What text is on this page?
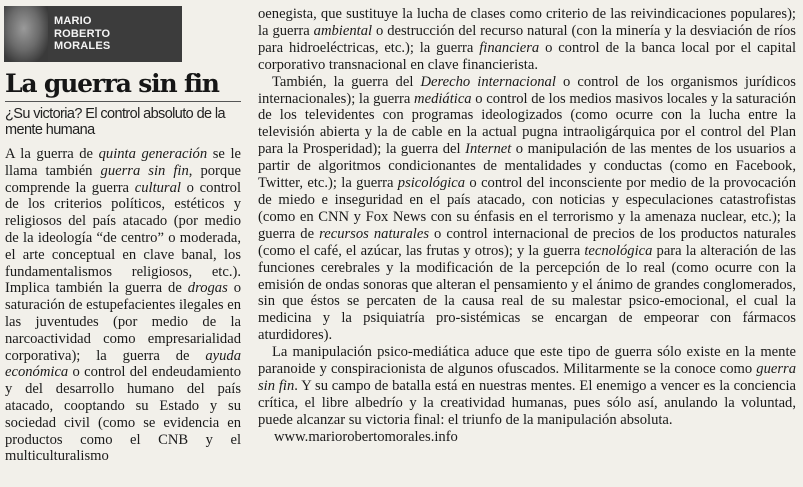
MARIO
ROBERTO
MORALES
La guerra sin fin
¿Su victoria? El control absoluto de la mente humana

A la guerra de quinta generación se le llama también guerra sin fin, porque comprende la guerra cultural o control de los criterios políticos, estéticos y religiosos del país atacado (por medio de la ideología “de centro” o moderada, el arte conceptual en clave banal, los fundamentalismos religiosos, etc.). Implica también la guerra de drogas o saturación de estupefacientes ilegales en las juventudes (por medio de la narcoactividad como empresarialidad corporativa); la guerra de ayuda económica o control del endeudamiento y del desarrollo humano del país atacado, cooptando su Estado y su sociedad civil (como se evidencia en productos como el CNB y el multiculturalismo

oenegista, que sustituye la lucha de clases como criterio de las reivindicaciones populares); la guerra ambiental o destrucción del recurso natural (con la minería y la desviación de ríos para hidroeléctricas, etc.); la guerra financiera o control de la banca local por el capital corporativo transnacional en clave financierista.

También, la guerra del Derecho internacional o control de los organismos jurídicos internacionales); la guerra mediática o control de los medios masivos locales y la saturación de los televidentes con programas ideologizados (como ocurre con la lucha entre la televisión abierta y la de cable en la actual pugna intraoligárquica por el control del Plan para la Prosperidad); la guerra del Internet o manipulación de las mentes de los usuarios a partir de algoritmos condicionantes de mentalidades y conductas (como en Facebook, Twitter, etc.); la guerra psicológica o control del inconsciente por medio de la provocación de miedo e inseguridad en el país atacado, con noticias y especulaciones catastrofistas (como en CNN y Fox News con su énfasis en el terrorismo y la amenaza nuclear, etc.); la guerra de recursos naturales o control internacional de precios de los productos naturales (como el café, el azúcar, las frutas y otros); y la guerra tecnológica para la alteración de las funciones cerebrales y la modificación de la percepción de lo real (como ocurre con la emisión de ondas sonoras que alteran el pensamiento y el ánimo de grandes conglomerados, sin que éstos se percaten de la causa real de su malestar psico-emocional, el cual la medicina y la psiquiatría pro-sistémicas se encargan de empeorar con fármacos aturdidores).

La manipulación psico-mediática aduce que este tipo de guerra sólo existe en la mente paranoide y conspiracionista de algunos ofuscados. Militarmente se la conoce como guerra sin fin. Y su campo de batalla está en nuestras mentes. El enemigo a vencer es la conciencia crítica, el libre albedrío y la creatividad humanas, pues sólo así, anulando la voluntad, puede alcanzar su victoria final: el triunfo de la manipulación absoluta.

www.mariorobertomorales.info
